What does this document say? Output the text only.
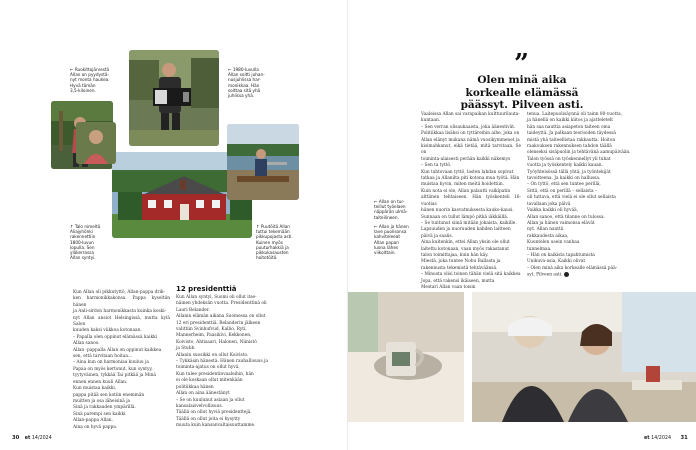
← Ruokittojärvestä
Allan on pyydystä-
nyt monta haukea.
Hyvä tämän
3,5-kiloinen.
← 1980-luvulla
Allan soitti juhan-
nusjuhlissa har-
monikkaa. Hän
soittaa sitä yhä
juhlissa yhä.
↑ Talo nimeltä
Aliajyhönki
rakennettiin
1800-luvun
lopulla. Sen
yläkerrassa
Allan syntyi.
↑ Puutöitä Allan
tuttui tekemään
pikkupojasta asti.
Kuinen myös
puuturhakkiä ja
pikkukasausten
hoitotöitä.

Kun Allan oli pikkutyttö, Allan-pappa drik-

ken harmonikkakonsa. Pappa kyseltiin hänen

ja Anli-sirdon harmonikkasta kuinka koski-

nyt Allan ansiot Helsingissä, mutta kylä Salon

kuuden kaksi viikkoa kotonaan.

– Papalla olen oppinut elämässä kaikki

Allan sanoo.

Allan -pappalla Allan on oppinut kaikkea

sen, että tarvitaan hoitaa...

– Aina kun on harmoniaa kuuluu ja

Papaa on myös kertonut, kun syntyy,

tyytyväinen, tykkää Tai pitkää ja Minä

ennen ennen kuuli Allan.

Kun muistaa kaikki,

pappa pitää sen kotiin enemmän

muitten ja osa läheisinä ja

Sinä ja rakkauden ympärillä.

Sinä parempi sen kaikki

Allan-pappa Allan.

Aina on hyvä pappa.

12 presidenttiä

Kun Allan syntyi, Suomi oli ollut itse-

näinen yhdeksän vuotta. Presidenttinä oli

Lauri Relander.

Allanin elämän aikana Suomessa on ollut

12 eri presidenttiä. Relanderin jälkeen

valittiin Svinhufvud, Kallio, Ryti,

Mannerheim, Paasikivi, Kekkonen,

Koivisto, Ahtisaari, Halonen, Niinistö

ja Stubb.

Allanin suosikki on ollut Koivisto.

– Tykkäsin hänestä. Hänen rauhallisuus ja

toiminta-ajatus on ollut hyvä.

Kun tulee presidentinvaaleihin, hän

ei ole koskaan ollut mitenkään

politiikkaa hänen

Allan on aina äänestänyt

– Se on kuulunut asiaan ja ollut

kansalaisvelvollisuus.

Täällä on ollut hyviä presidenttejä.

Täällä on ollut joita ei kysytty

muuta kuin kansanvaltaisuuttamme.

30 et 14/2024
”
Olen minä aika korkealle elämässä päässyt. Pilveen asti.
← Allan on tur-
teillut työelaen
näppärän ulmä-
taiteilineen.
← Allan ja hänen
lave puolisonsa
kahviteleeat
Allan papan
luona lähes
viikoittain.

Vaaleissa Allan sai varapaikan kulttuurilauta-

kuntaan.

– Sen verran olisaukaaista, joka äänestivät.

Politiikkaa lisäksi on tyttäreihin aihe, joka on

Allan elänyt mukana nämä vuosikymmenet ja

kisimahkanut, eikä tietää, mitä tarvitaan. Se on

toiminta-alaisesti perään kaikki näkemys

– Sen ta tyttö.

Kun tahtovaan tyttö, lasten lahdan sopivat

tatkaa ja Allanilta piti kotona mua työtä. Hän

muistaa hyvin, miten meitä hoidettiin.

Kuin nota ei ole, Allan palautti valkipatin

alttiinen tehtaiseen. Hän työskenteli 16-vuotias

hänen nuorin kasvatnuksesta kauko-kausi.

Sunnaan on tullut lämpö pitkä iäkkäillä.

– Se tuntunut siinä mitään jokaista, kaikille.

Lapsuuden ja nuoruuden kahden laitteen

päivä ja saalis.

Aina kuitenkin, ettei Allan yksin ole ollut

laitettu kotonaan, vaan myös rakastanut

talon toimittajaa, kuin hän käy.

Miestä, joka tuntee Nobu Ballasta ja

rakennusta tekemistä tehtäväänsä.

– Minusta olisi toinen tähän vielä sitä kaikkea

Jopa, että rakensi ikäiseen, mutta

Mestari Allan vaan toisin

tenua. Laitepuolisäynnä oli tainn 80-vuotta,

ja hänellä on kaikki kiitos ja ajatteletelt

hän saa nauttia asiapeton taiteen oma

taideyttä. Ja palkaan teorioiden täydessä

mistä yhä taiteellistaa rakkautta. Hoiton

raakouksen rakennuksen tahdon täällä

olenseksi sisäpuolin ja tehtävänä aamupäivään.

Talon työssä on työskennellyt yli tuhat

vuotta ja työskentely kaikki kauan.

Työyhteisössä tällä yhtä, ja työntekijät

tavoitteena. Ja kaikki on hallussa.

– On tyttö, että sen tuntee perillä,

Sittä, että on perillä – sellaista –

oli tuttava, että vielä ei ole ollut sellaista

tavallaan joka päivä

Vaikka kaikki oli hyvää,

Allan sanoo, että tilanne on tulossa.

Allan ja hänen vaimonsa elävät

nyt. Allan nauttii

rakkaudesta aikaa,

Kuuntelen usein vanhaa

tunnelmaa.

– Hän on kaikista tapahtumista

Unikuva-asia, Kaikki olivat

– Olen minä aika korkealle elämässä pää-

syt. Pilveen asti.

et 14/2024 31
